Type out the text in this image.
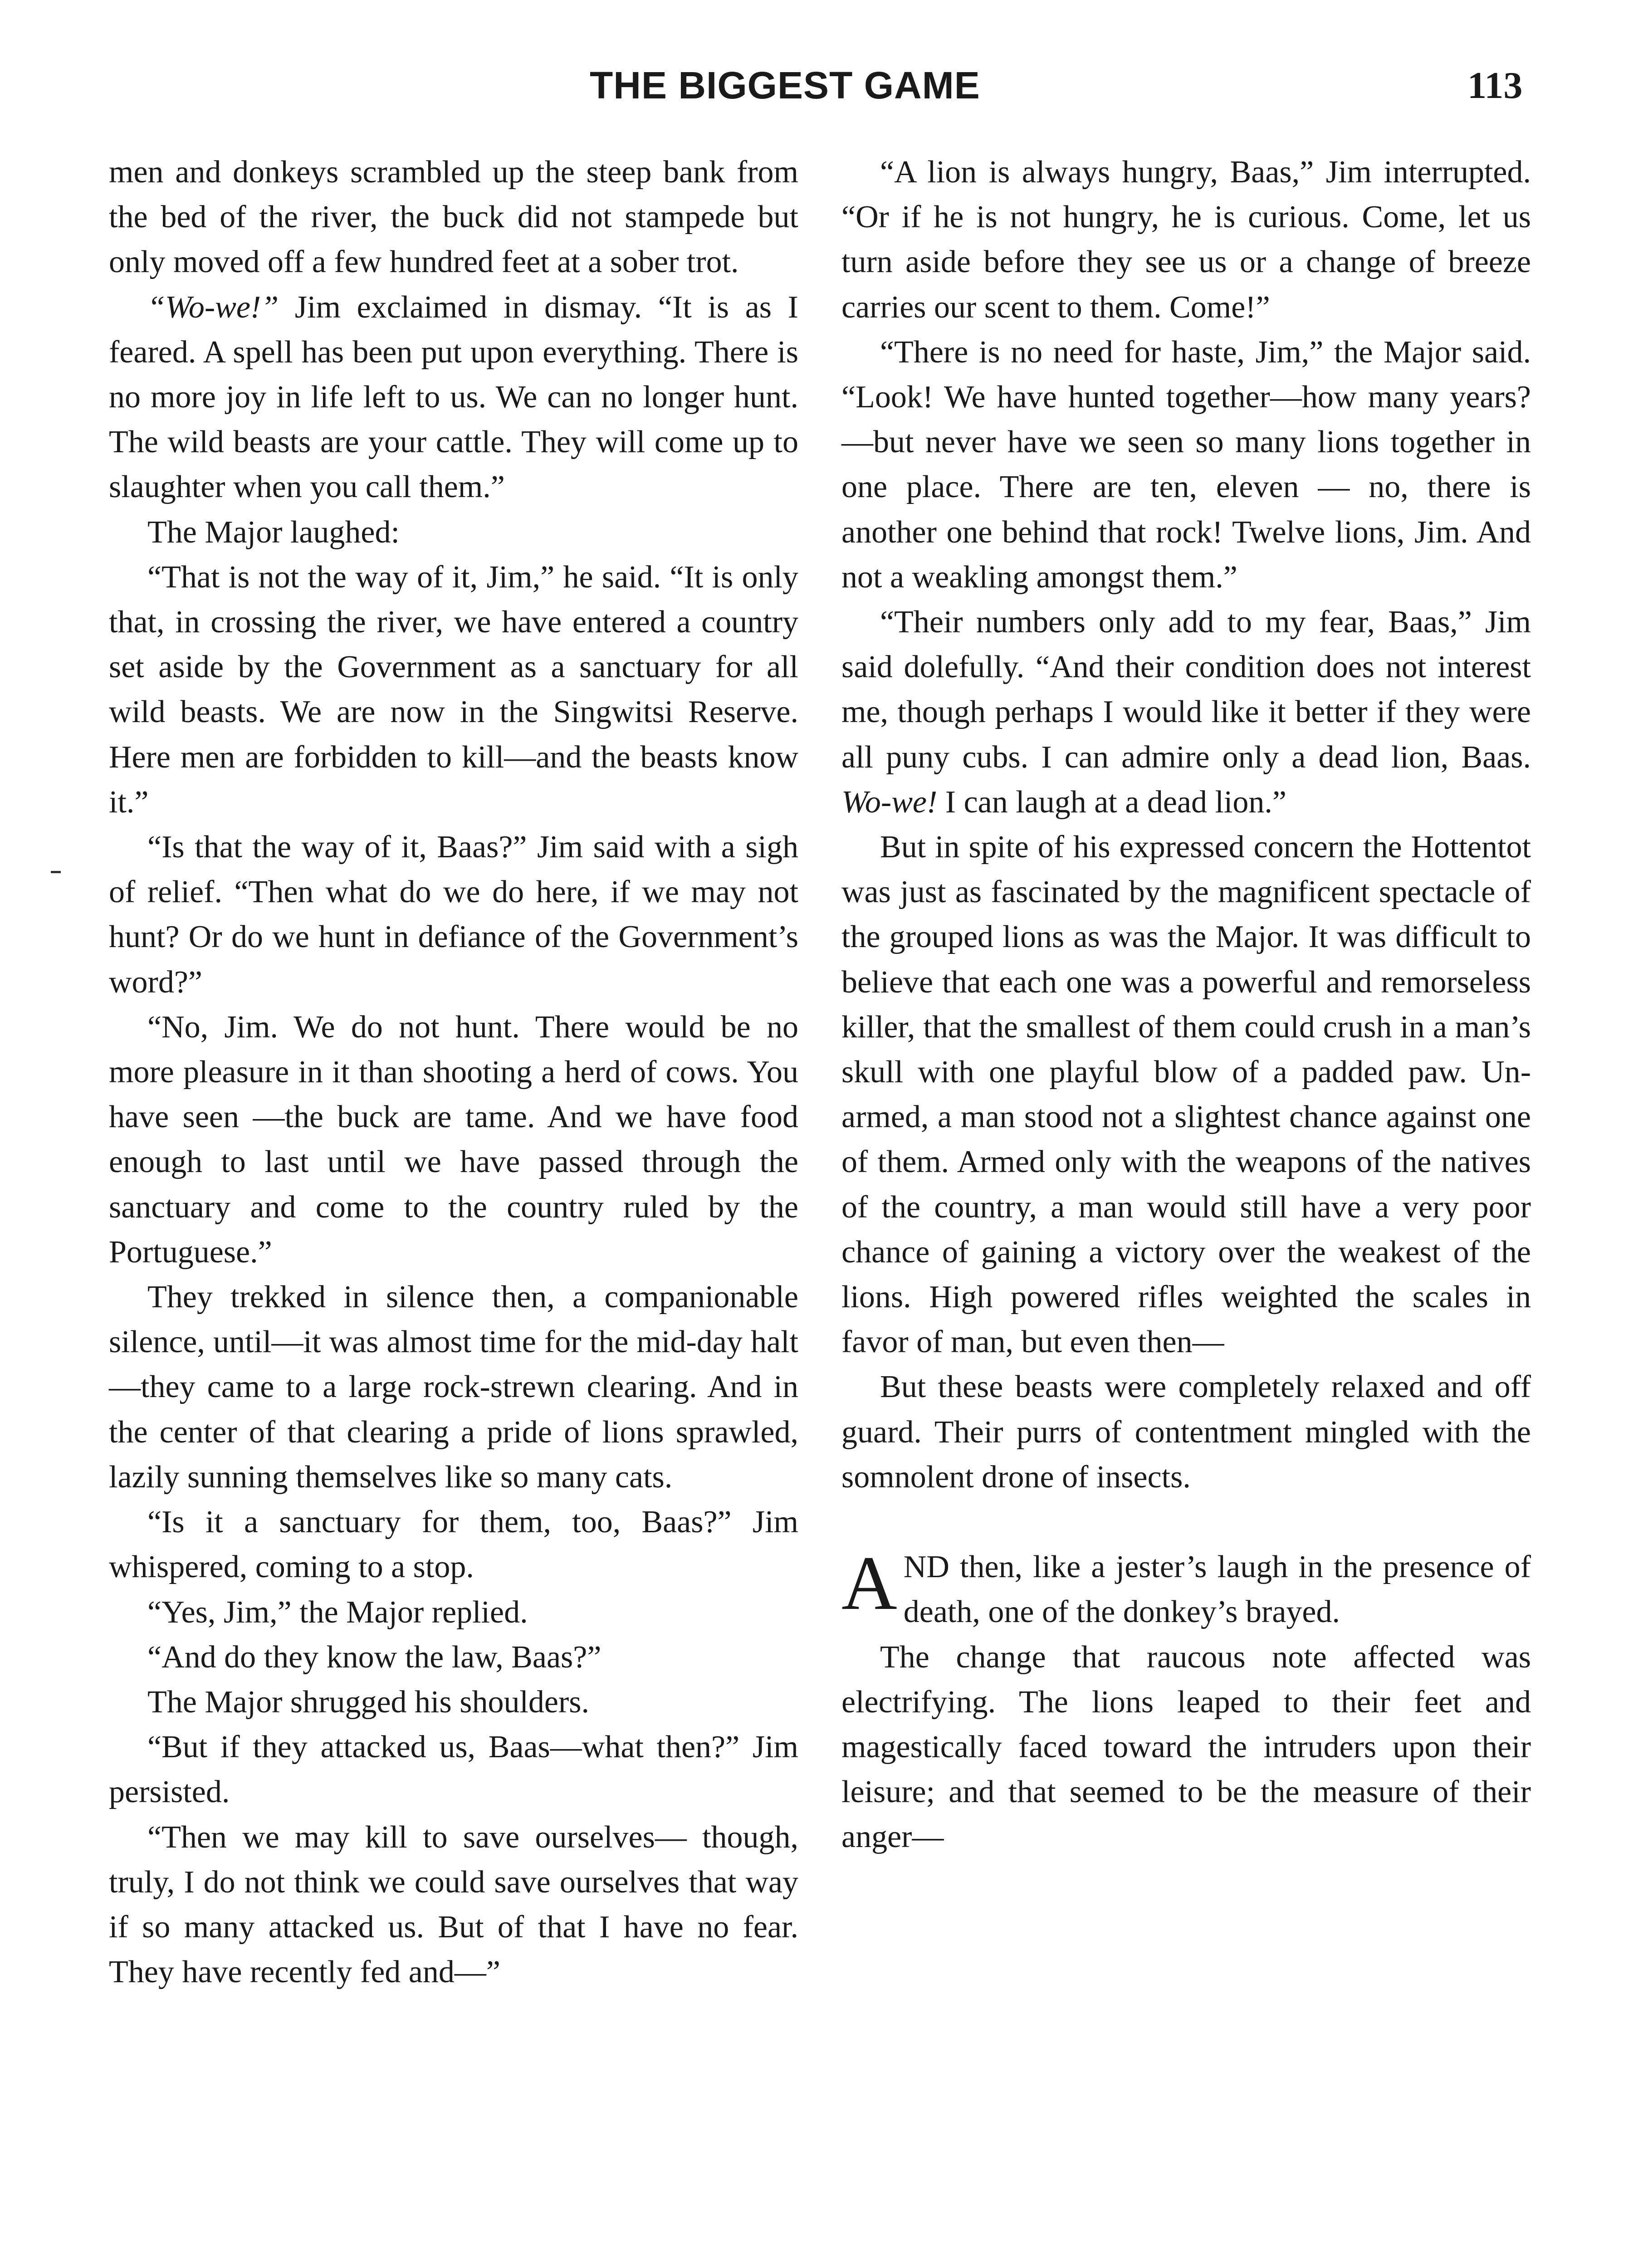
THE BIGGEST GAME	113

men and donkeys scrambled up the steep bank from the bed of the river, the buck did not stampede but only moved off a few hundred feet at a sober trot.

“Wo-we!” Jim exclaimed in dismay. “It is as I feared. A spell has been put upon everything. There is no more joy in life left to us. We can no longer hunt. The wild beasts are your cattle. They will come up to slaughter when you call them.”

The Major laughed:

“That is not the way of it, Jim,” he said. “It is only that, in crossing the river, we have entered a country set aside by the Government as a sanctuary for all wild beasts. We are now in the Singwitsi Reserve. Here men are forbidden to kill—and the beasts know it.”

“Is that the way of it, Baas?” Jim said with a sigh of relief. “Then what do we do here, if we may not hunt? Or do we hunt in defiance of the Government’s word?”

“No, Jim. We do not hunt. There would be no more pleasure in it than shooting a herd of cows. You have seen —the buck are tame. And we have food enough to last until we have passed through the sanctuary and come to the country ruled by the Portuguese.”

They trekked in silence then, a companionable silence, until—it was almost time for the mid-day halt—they came to a large rock-strewn clearing. And in the center of that clearing a pride of lions sprawled, lazily sunning themselves like so many cats.

“Is it a sanctuary for them, too, Baas?” Jim whispered, coming to a stop.

“Yes, Jim,” the Major replied.

“And do they know the law, Baas?”

The Major shrugged his shoulders.

“But if they attacked us, Baas—what then?” Jim persisted.

“Then we may kill to save ourselves— though, truly, I do not think we could save ourselves that way if so many attacked us. But of that I have no fear. They have recently fed and—”

“A lion is always hungry, Baas,” Jim interrupted. “Or if he is not hungry, he is curious. Come, let us turn aside before they see us or a change of breeze carries our scent to them. Come!”

“There is no need for haste, Jim,” the Major said. “Look! We have hunted together—how many years?—but never have we seen so many lions together in one place. There are ten, eleven — no, there is another one behind that rock! Twelve lions, Jim. And not a weakling amongst them.”

“Their numbers only add to my fear, Baas,” Jim said dolefully. “And their condition does not interest me, though perhaps I would like it better if they were all puny cubs. I can admire only a dead lion, Baas. Wo-we! I can laugh at a dead lion.”

But in spite of his expressed concern the Hottentot was just as fascinated by the magnificent spectacle of the grouped lions as was the Major. It was difficult to believe that each one was a powerful and remorseless killer, that the smallest of them could crush in a man’s skull with one playful blow of a padded paw. Unarmed, a man stood not a slightest chance against one of them. Armed only with the weapons of the natives of the country, a man would still have a very poor chance of gaining a victory over the weakest of the lions. High powered rifles weighted the scales in favor of man, but even then—

But these beasts were completely relaxed and off guard. Their purrs of contentment mingled with the somnolent drone of insects.

AND then, like a jester’s laugh in the presence of death, one of the donkey’s brayed.

The change that raucous note affected was electrifying. The lions leaped to their feet and magestically faced toward the intruders upon their leisure; and that seemed to be the measure of their anger—
